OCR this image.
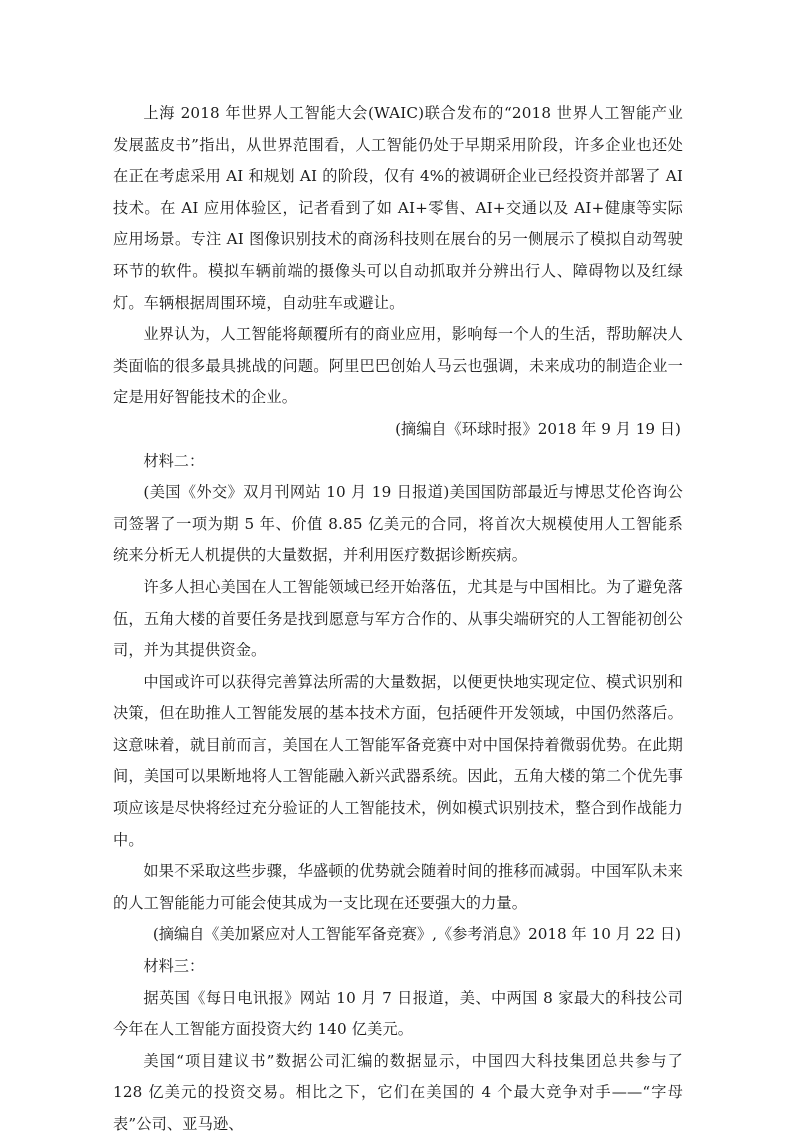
上海 2018 年世界人工智能大会(WAIC)联合发布的“2018 世界人工智能产业发展蓝皮书”指出，从世界范围看，人工智能仍处于早期采用阶段，许多企业也还处在正在考虑采用 AI 和规划 AI 的阶段，仅有 4%的被调研企业已经投资并部署了 AI 技术。在 AI 应用体验区，记者看到了如 AI+零售、AI+交通以及 AI+健康等实际应用场景。专注 AI 图像识别技术的商汤科技则在展台的另一侧展示了模拟自动驾驶环节的软件。模拟车辆前端的摄像头可以自动抓取并分辨出行人、障碍物以及红绿灯。车辆根据周围环境，自动驻车或避让。

业界认为，人工智能将颠覆所有的商业应用，影响每一个人的生活，帮助解决人类面临的很多最具挑战的问题。阿里巴巴创始人马云也强调，未来成功的制造企业一定是用好智能技术的企业。

(摘编自《环球时报》2018 年 9 月 19 日)

材料二：

(美国《外交》双月刊网站 10 月 19 日报道)美国国防部最近与博思艾伦咨询公司签署了一项为期 5 年、价值 8.85 亿美元的合同，将首次大规模使用人工智能系统来分析无人机提供的大量数据，并利用医疗数据诊断疾病。

许多人担心美国在人工智能领域已经开始落伍，尤其是与中国相比。为了避免落伍，五角大楼的首要任务是找到愿意与军方合作的、从事尖端研究的人工智能初创公司，并为其提供资金。

中国或许可以获得完善算法所需的大量数据，以便更快地实现定位、模式识别和决策，但在助推人工智能发展的基本技术方面，包括硬件开发领域，中国仍然落后。这意味着，就目前而言，美国在人工智能军备竞赛中对中国保持着微弱优势。在此期间，美国可以果断地将人工智能融入新兴武器系统。因此，五角大楼的第二个优先事项应该是尽快将经过充分验证的人工智能技术，例如模式识别技术，整合到作战能力中。

如果不采取这些步骤，华盛顿的优势就会随着时间的推移而减弱。中国军队未来的人工智能能力可能会使其成为一支比现在还要强大的力量。

(摘编自《美加紧应对人工智能军备竞赛》,《参考消息》2018 年 10 月 22 日)

材料三：

据英国《每日电讯报》网站 10 月 7 日报道，美、中两国 8 家最大的科技公司今年在人工智能方面投资大约 140 亿美元。

美国“项目建议书”数据公司汇编的数据显示，中国四大科技集团总共参与了 128 亿美元的投资交易。相比之下，它们在美国的 4 个最大竞争对手——“字母表”公司、亚马逊、
